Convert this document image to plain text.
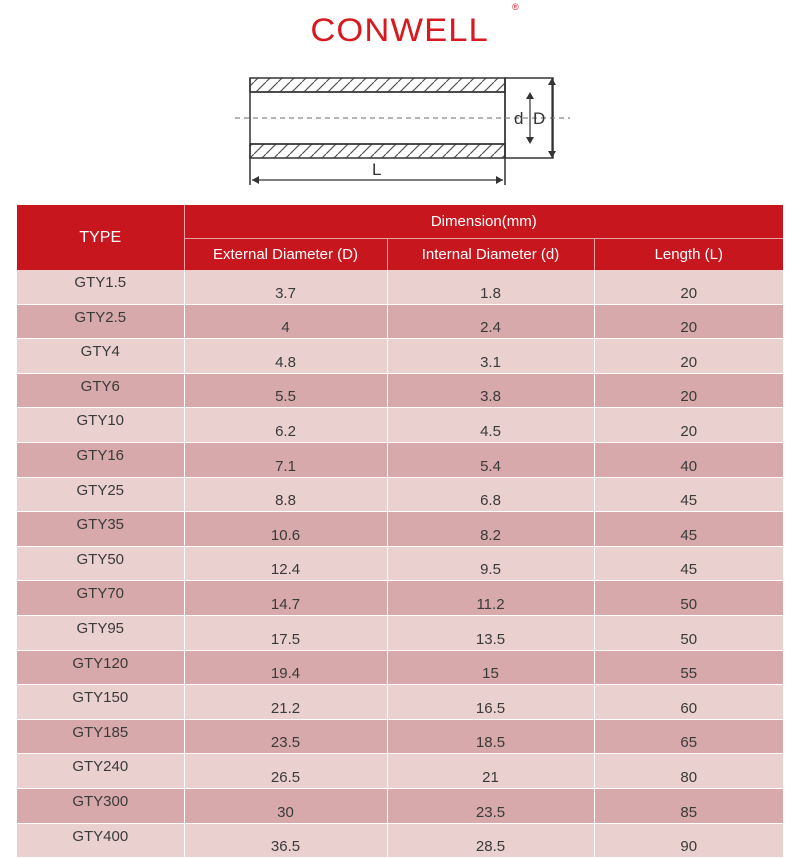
CONWELL
®
d D
L
TYPE	Dimension(mm)		
	External Diameter (D)	Internal Diameter (d)	Length (L)
GTY1.5	3.7	1.8	20
GTY2.5	4	2.4	20
GTY4	4.8	3.1	20
GTY6	5.5	3.8	20
GTY10	6.2	4.5	20
GTY16	7.1	5.4	40
GTY25	8.8	6.8	45
GTY35	10.6	8.2	45
GTY50	12.4	9.5	45
GTY70	14.7	11.2	50
GTY95	17.5	13.5	50
GTY120	19.4	15	55
GTY150	21.2	16.5	60
GTY185	23.5	18.5	65
GTY240	26.5	21	80
GTY300	30	23.5	85
GTY400	36.5	28.5	90
